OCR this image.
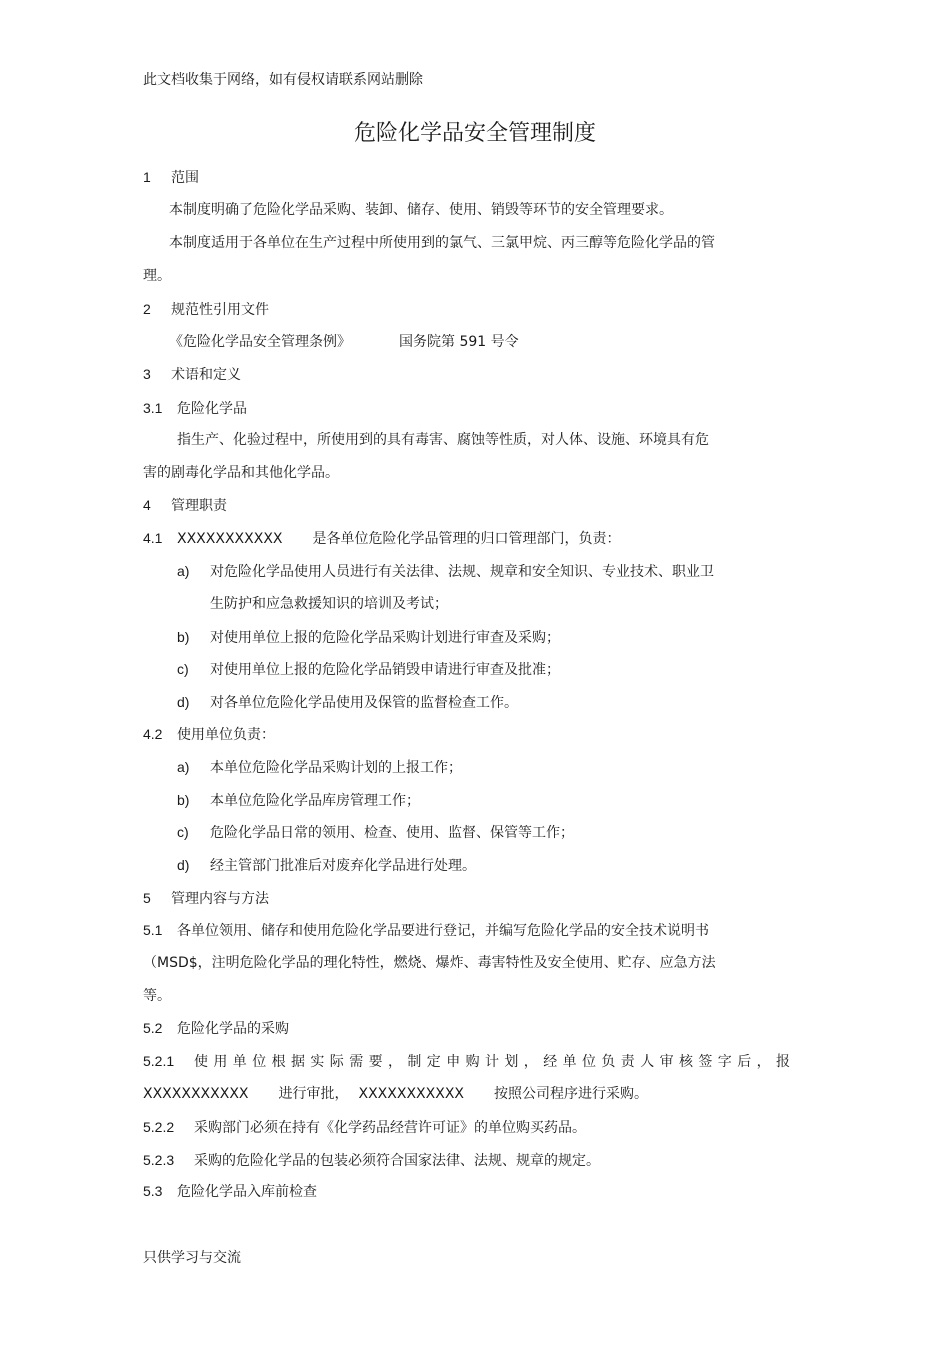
此文档收集于网络，如有侵权请联系网站删除
危险化学品安全管理制度
1 范围
本制度明确了危险化学品采购、装卸、储存、使用、销毁等环节的安全管理要求。
本制度适用于各单位在生产过程中所使用到的氯气、三氯甲烷、丙三醇等危险化学品的管
理。
2 规范性引用文件
《危险化学品安全管理条例》	国务院第 591 号令
3 术语和定义
3.1 危险化学品
指生产、化验过程中，所使用到的具有毒害、腐蚀等性质，对人体、设施、环境具有危
害的剧毒化学品和其他化学品。
4 管理职责
4.1 XXXXXXXXXXX 是各单位危险化学品管理的归口管理部门，负责：
a) 对危险化学品使用人员进行有关法律、法规、规章和安全知识、专业技术、职业卫
生防护和应急救援知识的培训及考试；
b) 对使用单位上报的危险化学品采购计划进行审查及采购；
c) 对使用单位上报的危险化学品销毁申请进行审查及批准；
d) 对各单位危险化学品使用及保管的监督检查工作。
4.2 使用单位负责：
a) 本单位危险化学品采购计划的上报工作；
b) 本单位危险化学品库房管理工作；
c) 危险化学品日常的领用、检查、使用、监督、保管等工作；
d) 经主管部门批准后对废弃化学品进行处理。
5 管理内容与方法
5.1 各单位领用、储存和使用危险化学品要进行登记，并编写危险化学品的安全技术说明书
（MSD$，注明危险化学品的理化特性，燃烧、爆炸、毒害特性及安全使用、贮存、应急方法
等。
5.2 危险化学品的采购
5.2.1 使用单位根据实际需要，制定申购计划，经单位负责人审核签字后，报
XXXXXXXXXXX 进行审批， XXXXXXXXXXX 按照公司程序进行采购。
5.2.2 采购部门必须在持有《化学药品经营许可证》的单位购买药品。
5.2.3 采购的危险化学品的包装必须符合国家法律、法规、规章的规定。
5.3 危险化学品入库前检查
只供学习与交流
